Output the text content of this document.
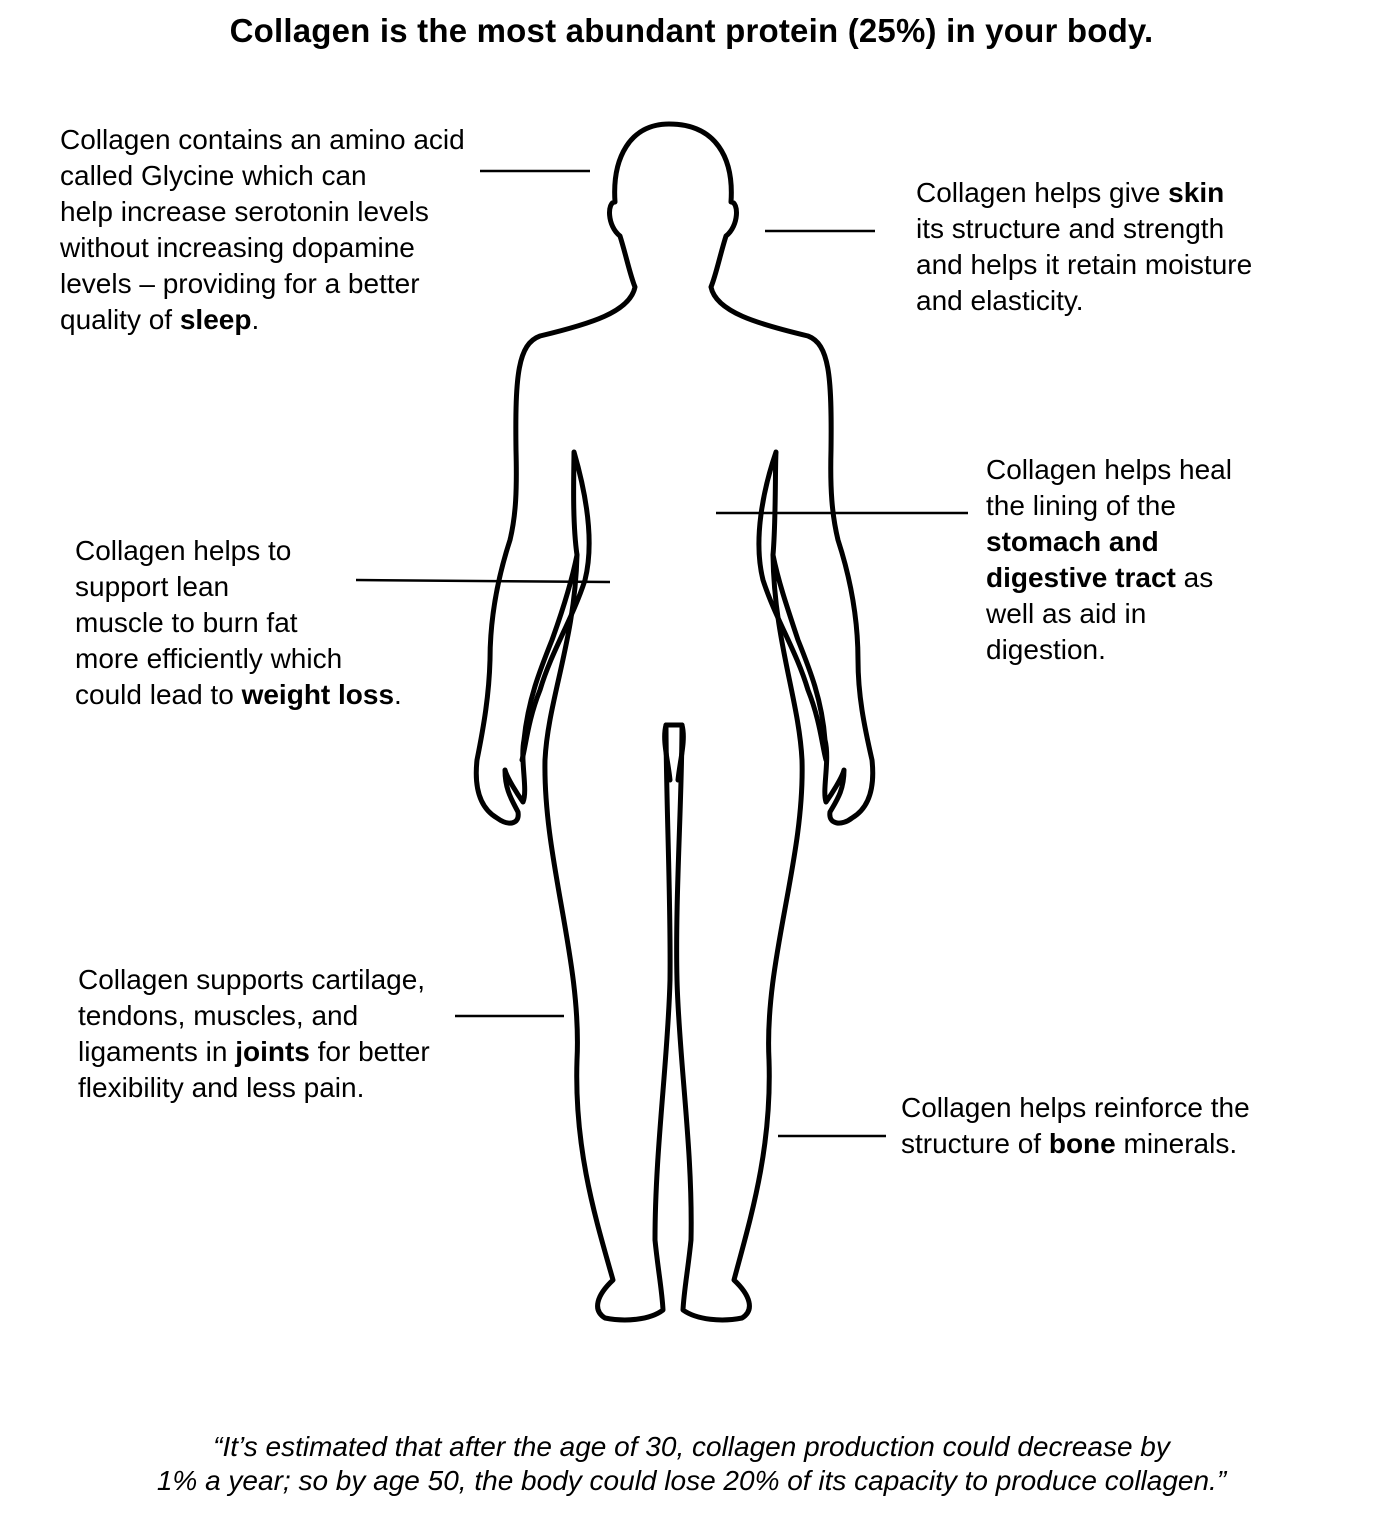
Collagen is the most abundant protein (25%) in your body.
Collagen contains an amino acid
called Glycine which can
help increase serotonin levels
without increasing dopamine
levels – providing for a better
quality of sleep.
Collagen helps give skin
its structure and strength
and helps it retain moisture
and elasticity.
Collagen helps heal
the lining of the
stomach and
digestive tract as
well as aid in
digestion.
Collagen helps to
support lean
muscle to burn fat
more efficiently which
could lead to weight loss.
Collagen supports cartilage,
tendons, muscles, and
ligaments in joints for better
flexibility and less pain.
Collagen helps reinforce the
structure of bone minerals.
“It’s estimated that after the age of 30, collagen production could decrease by
1% a year; so by age 50, the body could lose 20% of its capacity to produce collagen.”
